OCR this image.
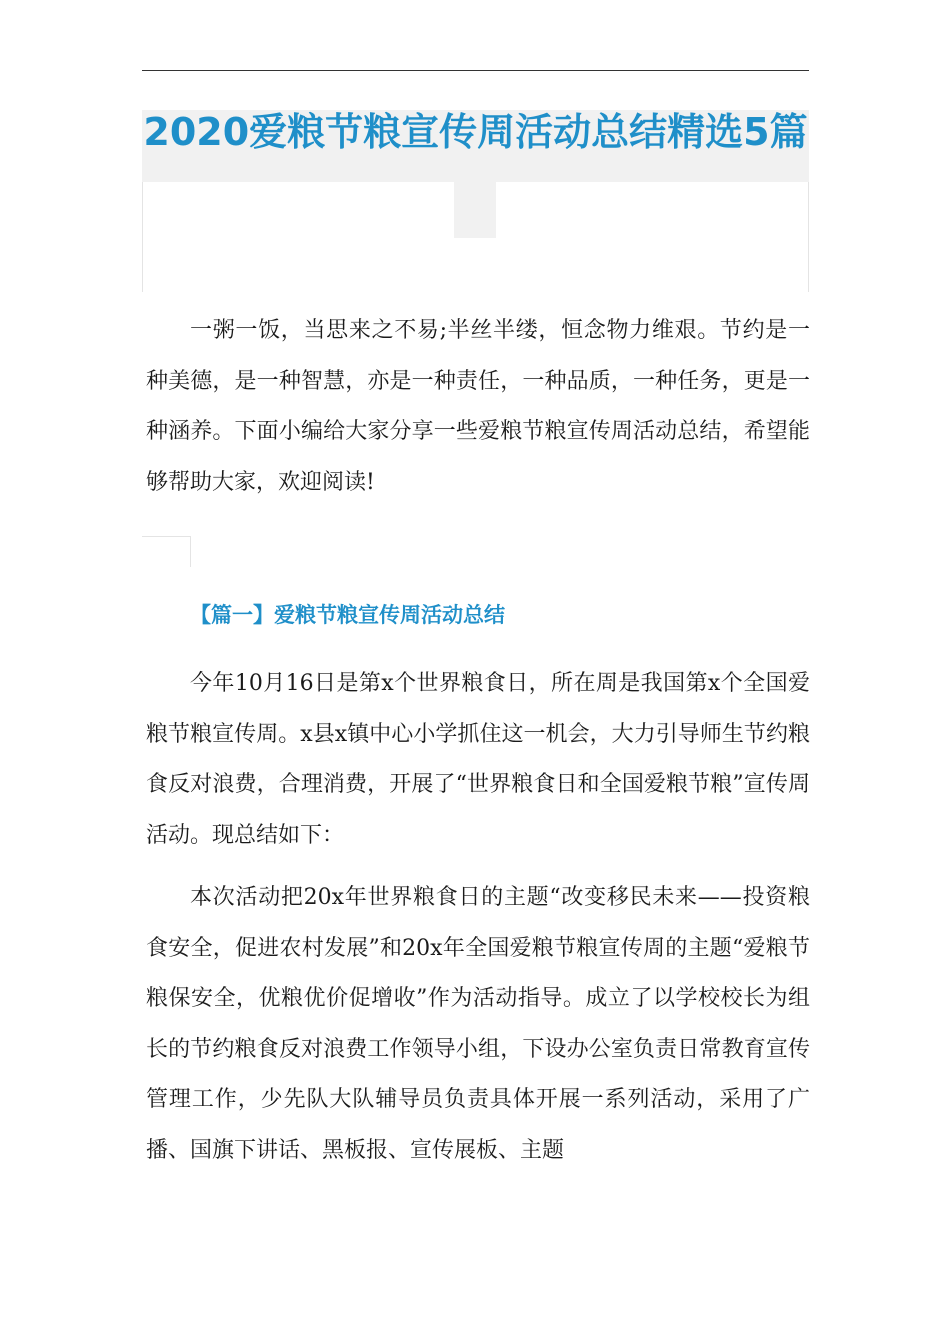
2020爱粮节粮宣传周活动总结精选5篇

一粥一饭，当思来之不易;半丝半缕，恒念物力维艰。节约是一种美德，是一种智慧，亦是一种责任，一种品质，一种任务，更是一种涵养。下面小编给大家分享一些爱粮节粮宣传周活动总结，希望能够帮助大家，欢迎阅读!

【篇一】爱粮节粮宣传周活动总结

今年10月16日是第x个世界粮食日，所在周是我国第x个全国爱粮节粮宣传周。x县x镇中心小学抓住这一机会，大力引导师生节约粮食反对浪费，合理消费，开展了“世界粮食日和全国爱粮节粮”宣传周活动。现总结如下：

本次活动把20x年世界粮食日的主题“改变移民未来——投资粮食安全，促进农村发展”和20x年全国爱粮节粮宣传周的主题“爱粮节粮保安全，优粮优价促增收”作为活动指导。成立了以学校校长为组长的节约粮食反对浪费工作领导小组，下设办公室负责日常教育宣传管理工作，少先队大队辅导员负责具体开展一系列活动，采用了广播、国旗下讲话、黑板报、宣传展板、主题
